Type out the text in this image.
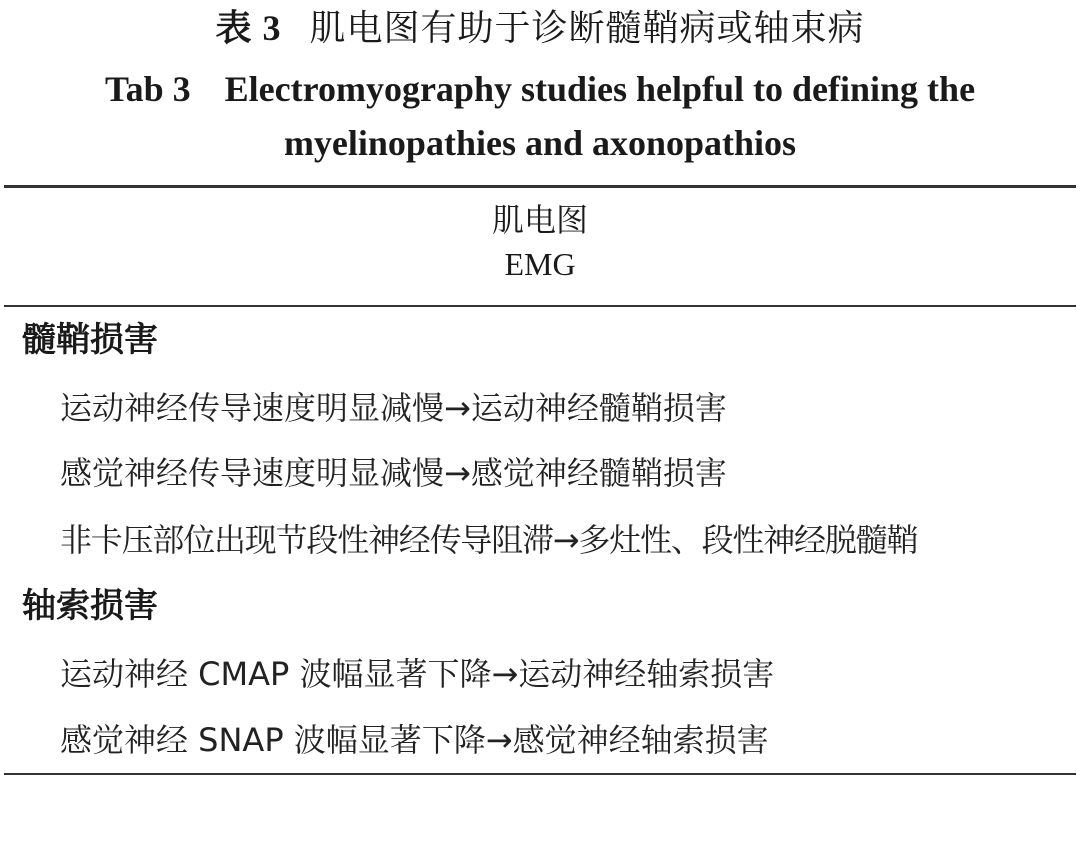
表 3 肌电图有助于诊断髓鞘病或轴束病
Tab 3 Electromyography studies helpful to defining the
myelinopathies and axonopathios
肌电图
EMG
髓鞘损害
运动神经传导速度明显减慢→运动神经髓鞘损害
感觉神经传导速度明显减慢→感觉神经髓鞘损害
非卡压部位出现节段性神经传导阻滞→多灶性、段性神经脱髓鞘
轴索损害
运动神经 CMAP 波幅显著下降→运动神经轴索损害
感觉神经 SNAP 波幅显著下降→感觉神经轴索损害
